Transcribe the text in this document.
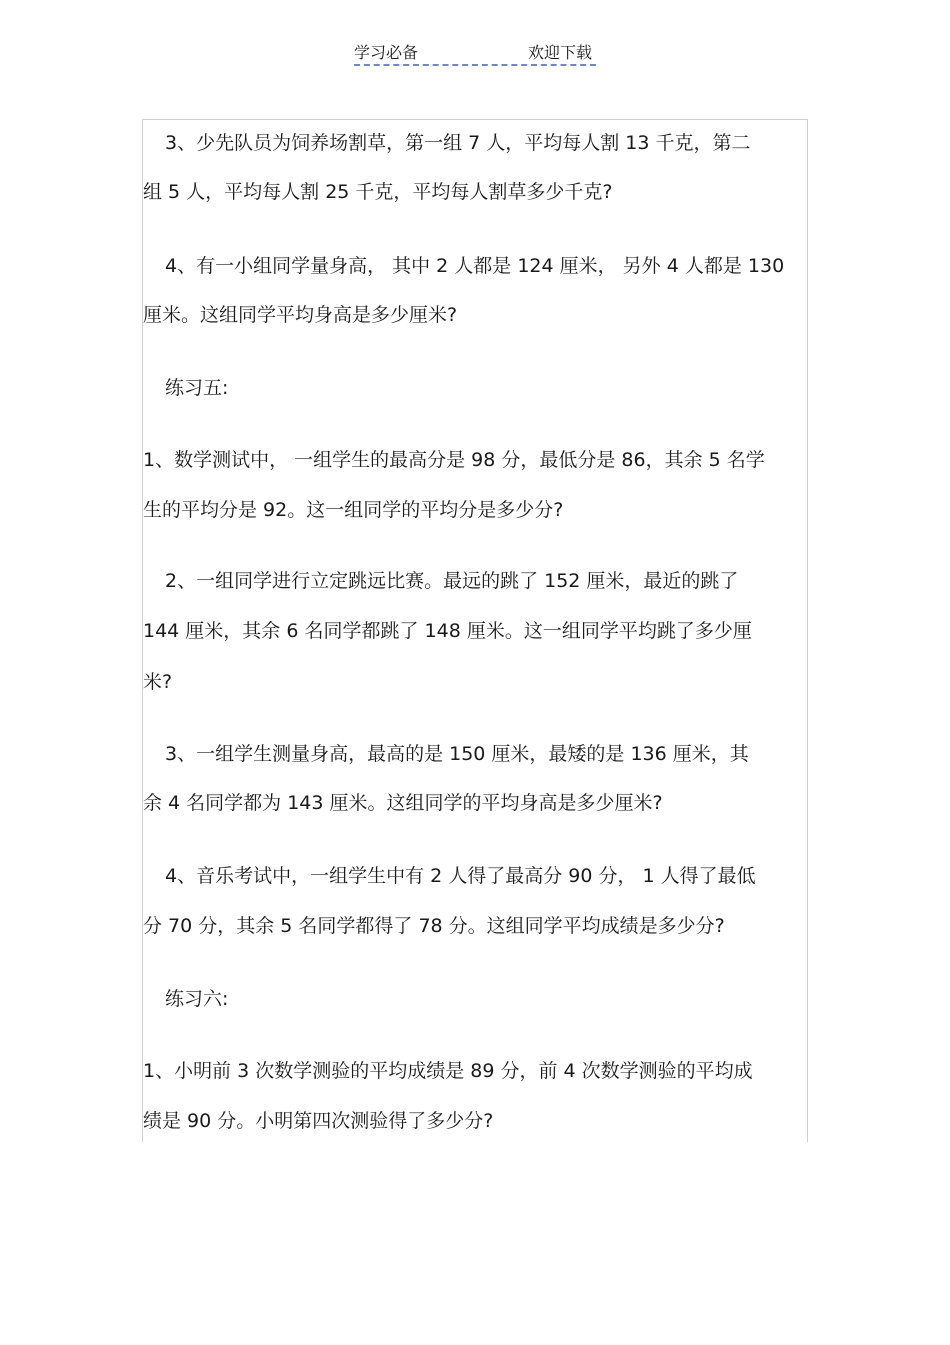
学习必备	欢迎下载
3、少先队员为饲养场割草，第一组 7 人，平均每人割 13 千克，第二
组 5 人，平均每人割 25 千克，平均每人割草多少千克?
4、有一小组同学量身高， 其中 2 人都是 124 厘米， 另外 4 人都是 130
厘米。这组同学平均身高是多少厘米?
练习五:
1、数学测试中， 一组学生的最高分是 98 分，最低分是 86，其余 5 名学
生的平均分是 92。这一组同学的平均分是多少分?
2、一组同学进行立定跳远比赛。最远的跳了 152 厘米，最近的跳了
144 厘米，其余 6 名同学都跳了 148 厘米。这一组同学平均跳了多少厘
米?
3、一组学生测量身高，最高的是 150 厘米，最矮的是 136 厘米，其
余 4 名同学都为 143 厘米。这组同学的平均身高是多少厘米?
4、音乐考试中，一组学生中有 2 人得了最高分 90 分， 1 人得了最低
分 70 分，其余 5 名同学都得了 78 分。这组同学平均成绩是多少分?
练习六:
1、小明前 3 次数学测验的平均成绩是 89 分，前 4 次数学测验的平均成
绩是 90 分。小明第四次测验得了多少分?
